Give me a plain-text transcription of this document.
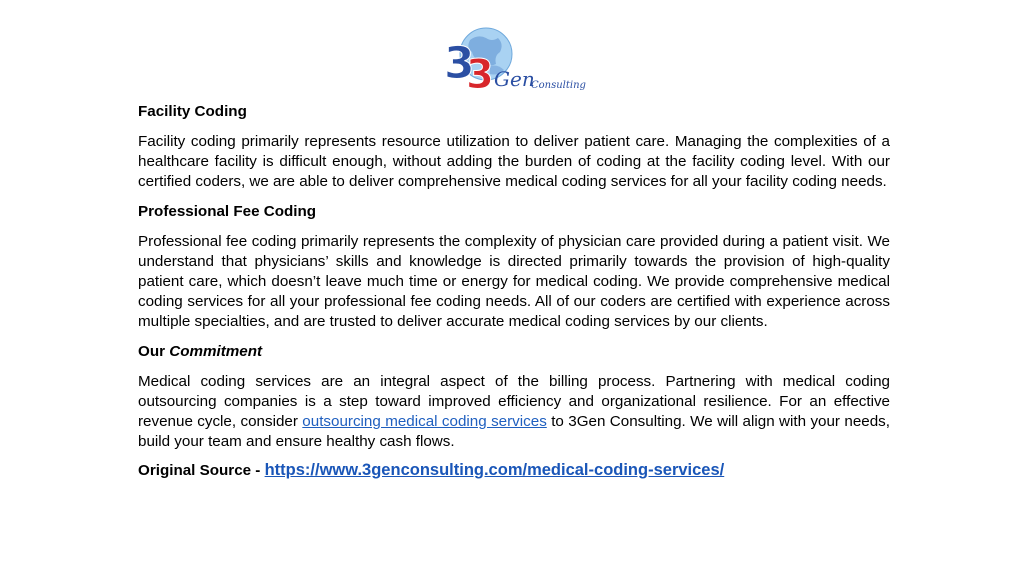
3
3 Gen
Consulting
Facility Coding
Facility coding primarily represents resource utilization to deliver patient care. Managing the complexities of a healthcare facility is difficult enough, without adding the burden of coding at the facility coding level. With our certified coders, we are able to deliver comprehensive medical coding services for all your facility coding needs.
Professional Fee Coding
Professional fee coding primarily represents the complexity of physician care provided during a patient visit. We understand that physicians’ skills and knowledge is directed primarily towards the provision of high-quality patient care, which doesn’t leave much time or energy for medical coding. We provide comprehensive medical coding services for all your professional fee coding needs. All of our coders are certified with experience across multiple specialties, and are trusted to deliver accurate medical coding services by our clients.
Our Commitment
Medical coding services are an integral aspect of the billing process. Partnering with medical coding outsourcing companies is a step toward improved efficiency and organizational resilience. For an effective revenue cycle, consider outsourcing medical coding services to 3Gen Consulting. We will align with your needs, build your team and ensure healthy cash flows.
Original Source - https://www.3genconsulting.com/medical-coding-services/
